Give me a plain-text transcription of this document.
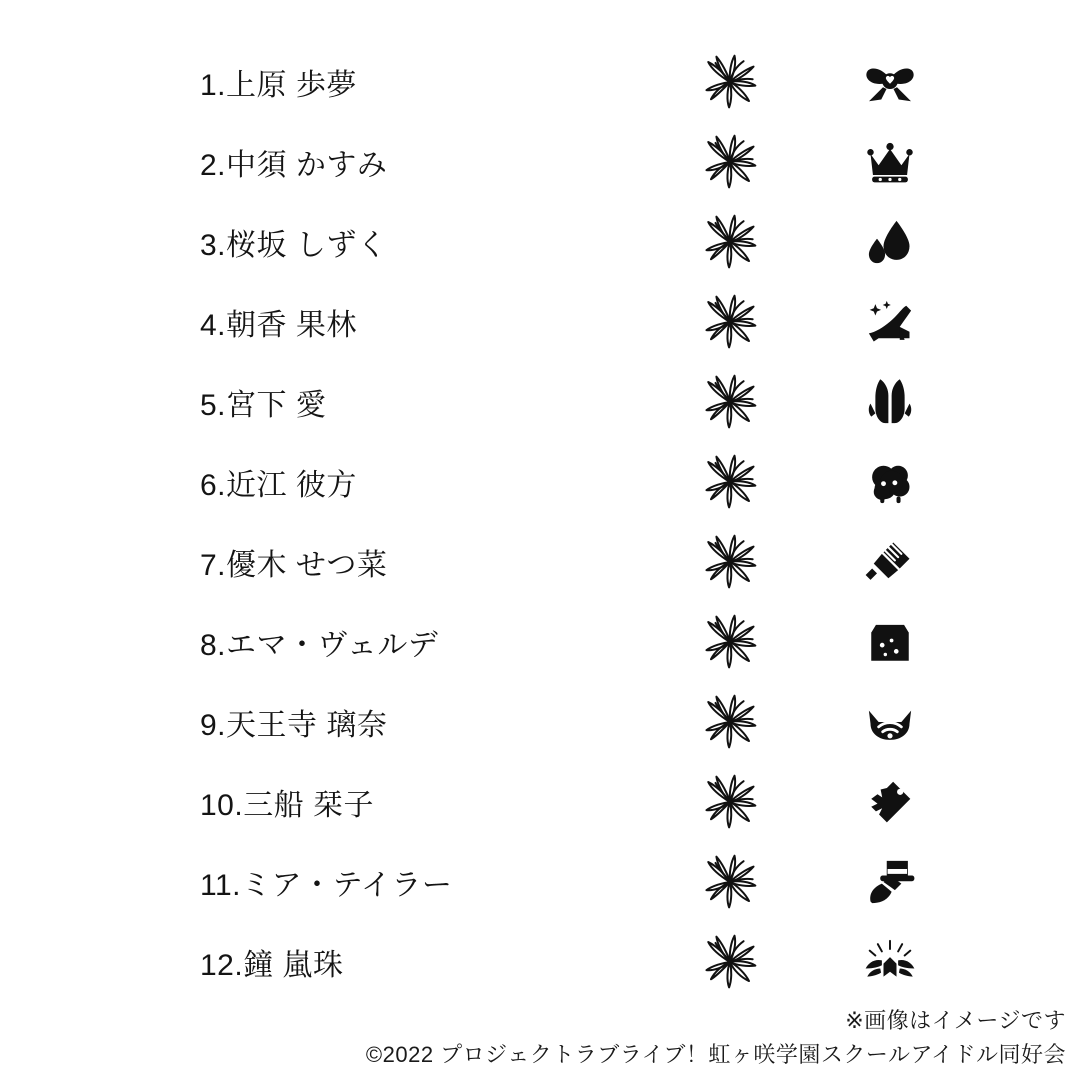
1.上原 歩夢
2.中須 かすみ
3.桜坂 しずく
4.朝香 果林
5.宮下 愛
6.近江 彼方
7.優木 せつ菜
8.エマ・ヴェルデ
9.天王寺 璃奈
10.三船 栞子
11.ミア・テイラー
12.鐘 嵐珠
※画像はイメージです
©2022 プロジェクトラブライブ！虹ヶ咲学園スクールアイドル同好会
